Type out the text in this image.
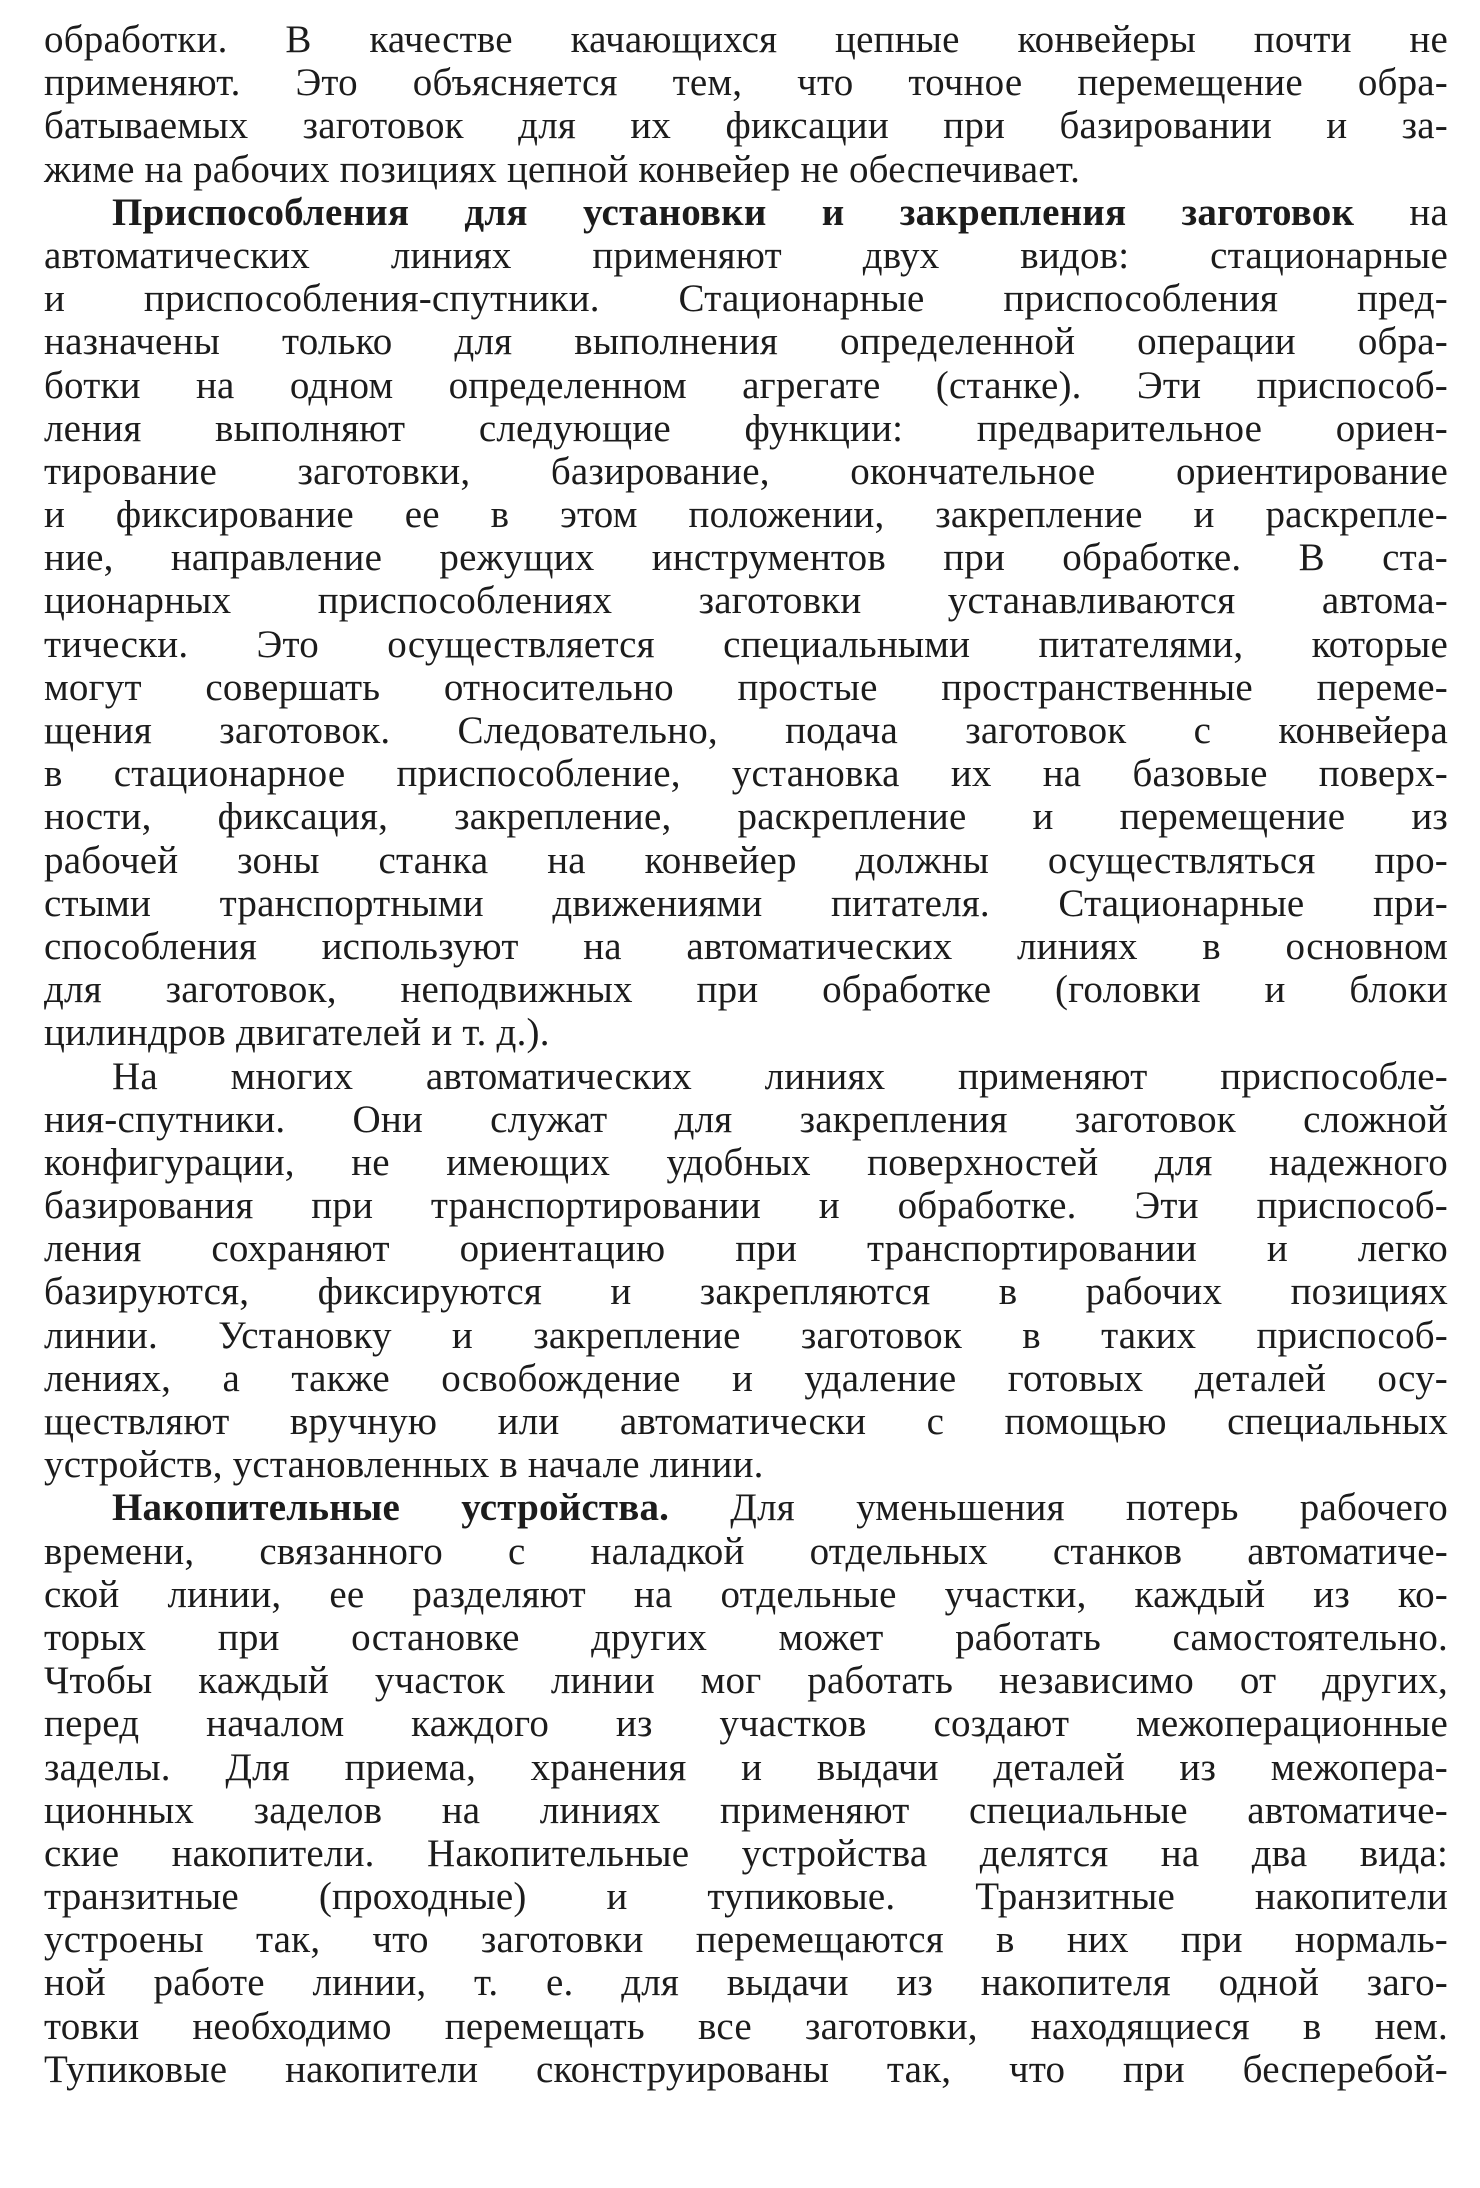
обработки. В качестве качающихся цепные конвейеры почти не
применяют. Это объясняется тем, что точное перемещение обра-
батываемых заготовок для их фиксации при базировании и за-
жиме на рабочих позициях цепной конвейер не обеспечивает.
Приспособления для установки и закрепления заготовок на
автоматических линиях применяют двух видов: стационарные
и приспособления-спутники. Стационарные приспособления пред-
назначены только для выполнения определенной операции обра-
ботки на одном определенном агрегате (станке). Эти приспособ-
ления выполняют следующие функции: предварительное ориен-
тирование заготовки, базирование, окончательное ориентирование
и фиксирование ее в этом положении, закрепление и раскрепле-
ние, направление режущих инструментов при обработке. В ста-
ционарных приспособлениях заготовки устанавливаются автома-
тически. Это осуществляется специальными питателями, которые
могут совершать относительно простые пространственные переме-
щения заготовок. Следовательно, подача заготовок с конвейера
в стационарное приспособление, установка их на базовые поверх-
ности, фиксация, закрепление, раскрепление и перемещение из
рабочей зоны станка на конвейер должны осуществляться про-
стыми транспортными движениями питателя. Стационарные при-
способления используют на автоматических линиях в основном
для заготовок, неподвижных при обработке (головки и блоки
цилиндров двигателей и т. д.).
На многих автоматических линиях применяют приспособле-
ния-спутники. Они служат для закрепления заготовок сложной
конфигурации, не имеющих удобных поверхностей для надежного
базирования при транспортировании и обработке. Эти приспособ-
ления сохраняют ориентацию при транспортировании и легко
базируются, фиксируются и закрепляются в рабочих позициях
линии. Установку и закрепление заготовок в таких приспособ-
лениях, а также освобождение и удаление готовых деталей осу-
ществляют вручную или автоматически с помощью специальных
устройств, установленных в начале линии.
Накопительные устройства. Для уменьшения потерь рабочего
времени, связанного с наладкой отдельных станков автоматиче-
ской линии, ее разделяют на отдельные участки, каждый из ко-
торых при остановке других может работать самостоятельно.
Чтобы каждый участок линии мог работать независимо от других,
перед началом каждого из участков создают межоперационные
заделы. Для приема, хранения и выдачи деталей из межопера-
ционных заделов на линиях применяют специальные автоматиче-
ские накопители. Накопительные устройства делятся на два вида:
транзитные (проходные) и тупиковые. Транзитные накопители
устроены так, что заготовки перемещаются в них при нормаль-
ной работе линии, т. е. для выдачи из накопителя одной заго-
товки необходимо перемещать все заготовки, находящиеся в нем.
Тупиковые накопители сконструированы так, что при бесперебой-
